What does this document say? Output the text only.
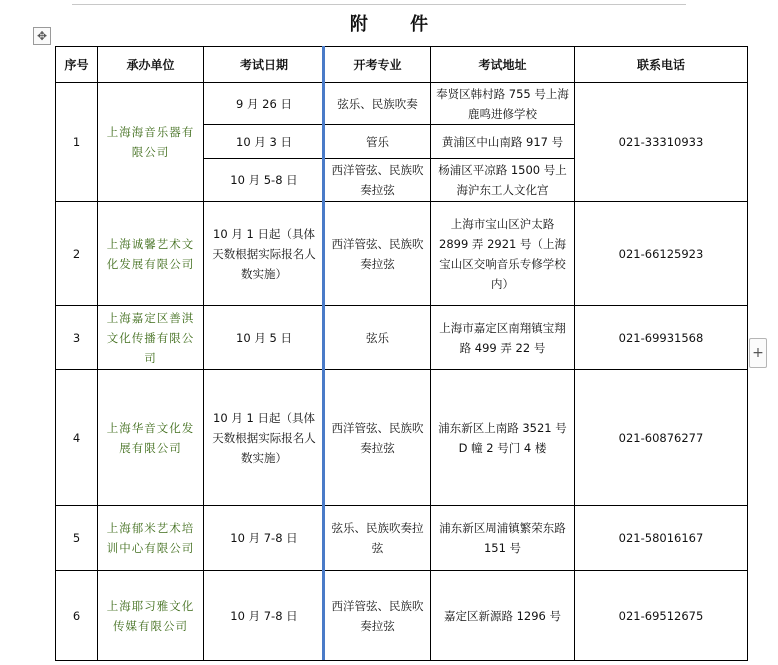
✥
附 件
序号	承办单位	考试日期	开考专业	考试地址	联系电话
1	上海海音乐器有限公司	9 月 26 日	弦乐、民族吹奏	奉贤区韩村路 755 号上海鹿鸣进修学校	021-33310933
		10 月 3 日	管乐	黄浦区中山南路 917 号	
		10 月 5-8 日	西洋管弦、民族吹奏拉弦	杨浦区平凉路 1500 号上海沪东工人文化宫	
2	上海诚馨艺术文化发展有限公司	10 月 1 日起（具体天数根据实际报名人数实施）	西洋管弦、民族吹奏拉弦	上海市宝山区沪太路 2899 弄 2921 号（上海宝山区交响音乐专修学校内）	021-66125923
3	上海嘉定区善淇文化传播有限公司	10 月 5 日	弦乐	上海市嘉定区南翔镇宝翔路 499 弄 22 号	021-69931568
4	上海华音文化发展有限公司	10 月 1 日起（具体天数根据实际报名人数实施）	西洋管弦、民族吹奏拉弦	浦东新区上南路 3521 号 D 幢 2 号门 4 楼	021-60876277
5	上海郁米艺术培训中心有限公司	10 月 7-8 日	弦乐、民族吹奏拉弦	浦东新区周浦镇繁荣东路 151 号	021-58016167
6	上海耶习雅文化传媒有限公司	10 月 7-8 日	西洋管弦、民族吹奏拉弦	嘉定区新源路 1296 号	021-69512675
+
